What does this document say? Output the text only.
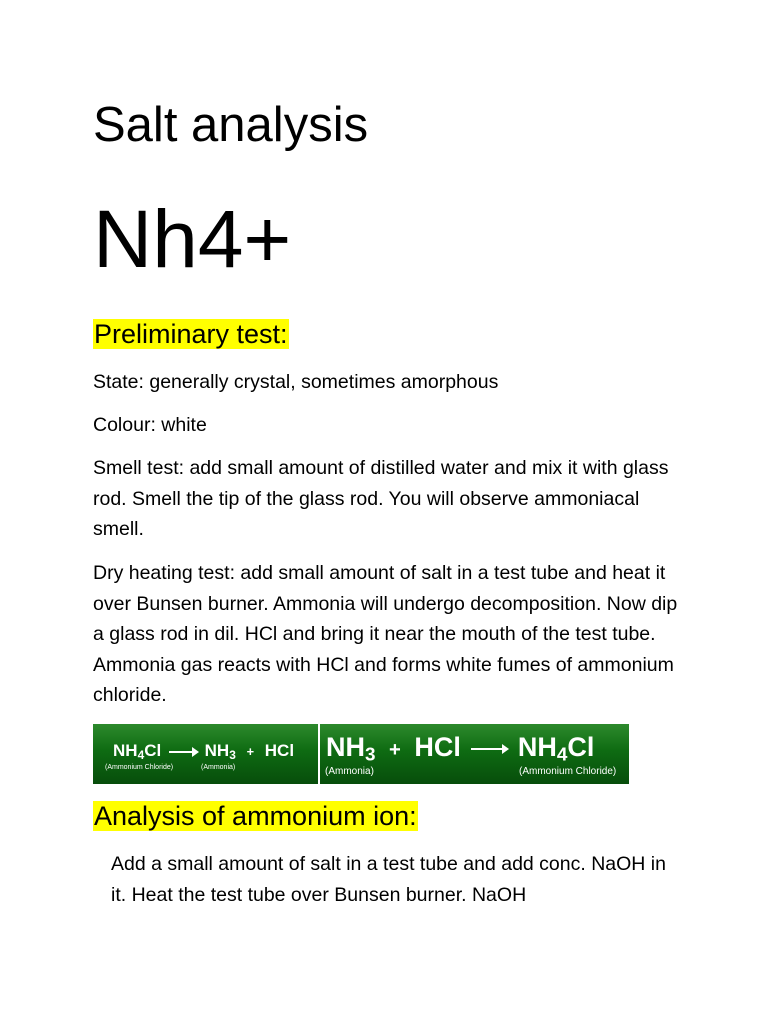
Salt analysis
Nh4+
Preliminary test:
State: generally crystal, sometimes amorphous
Colour: white
Smell test: add small amount of distilled water and mix it with glass rod. Smell the tip of the glass rod. You will observe ammoniacal smell.
Dry heating test: add small amount of salt in a test tube and heat it over Bunsen burner. Ammonia will undergo decomposition. Now dip a glass rod in dil. HCl and bring it near the mouth of the test tube. Ammonia gas reacts with HCl and forms white fumes of ammonium chloride.
$NH_4Cl \to NH_3$ + HCl
(Ammonium Chloride)	(Ammonia)
$NH_3$ + HCl → $NH_4Cl$
(Ammonia)	(Ammonium Chloride)
Analysis of ammonium ion:
Add a small amount of salt in a test tube and add conc. NaOH in it. Heat the test tube over Bunsen burner. NaOH
